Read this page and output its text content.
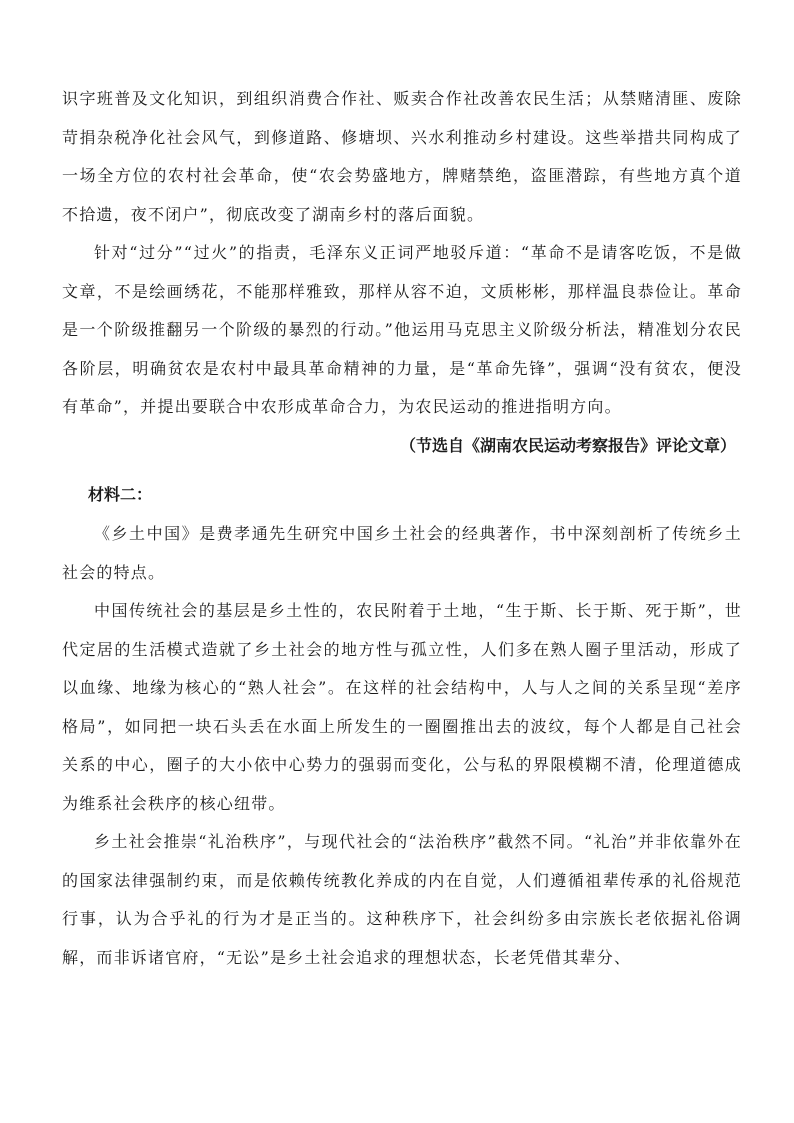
识字班普及文化知识，到组织消费合作社、贩卖合作社改善农民生活；从禁赌清匪、废除苛捐杂税净化社会风气，到修道路、修塘坝、兴水利推动乡村建设。这些举措共同构成了一场全方位的农村社会革命，使“农会势盛地方，牌赌禁绝，盗匪潜踪，有些地方真个道不拾遗，夜不闭户”，彻底改变了湖南乡村的落后面貌。

针对“过分”“过火”的指责，毛泽东义正词严地驳斥道：“革命不是请客吃饭，不是做文章，不是绘画绣花，不能那样雅致，那样从容不迫，文质彬彬，那样温良恭俭让。革命是一个阶级推翻另一个阶级的暴烈的行动。”他运用马克思主义阶级分析法，精准划分农民各阶层，明确贫农是农村中最具革命精神的力量，是“革命先锋”，强调“没有贫农，便没有革命”，并提出要联合中农形成革命合力，为农民运动的推进指明方向。

（节选自《湖南农民运动考察报告》评论文章）

材料二：

《乡土中国》是费孝通先生研究中国乡土社会的经典著作，书中深刻剖析了传统乡土社会的特点。

中国传统社会的基层是乡土性的，农民附着于土地，“生于斯、长于斯、死于斯”，世代定居的生活模式造就了乡土社会的地方性与孤立性，人们多在熟人圈子里活动，形成了以血缘、地缘为核心的“熟人社会”。在这样的社会结构中，人与人之间的关系呈现“差序格局”，如同把一块石头丢在水面上所发生的一圈圈推出去的波纹，每个人都是自己社会关系的中心，圈子的大小依中心势力的强弱而变化，公与私的界限模糊不清，伦理道德成为维系社会秩序的核心纽带。

乡土社会推崇“礼治秩序”，与现代社会的“法治秩序”截然不同。“礼治”并非依靠外在的国家法律强制约束，而是依赖传统教化养成的内在自觉，人们遵循祖辈传承的礼俗规范行事，认为合乎礼的行为才是正当的。这种秩序下，社会纠纷多由宗族长老依据礼俗调解，而非诉诸官府，“无讼”是乡土社会追求的理想状态，长老凭借其辈分、
